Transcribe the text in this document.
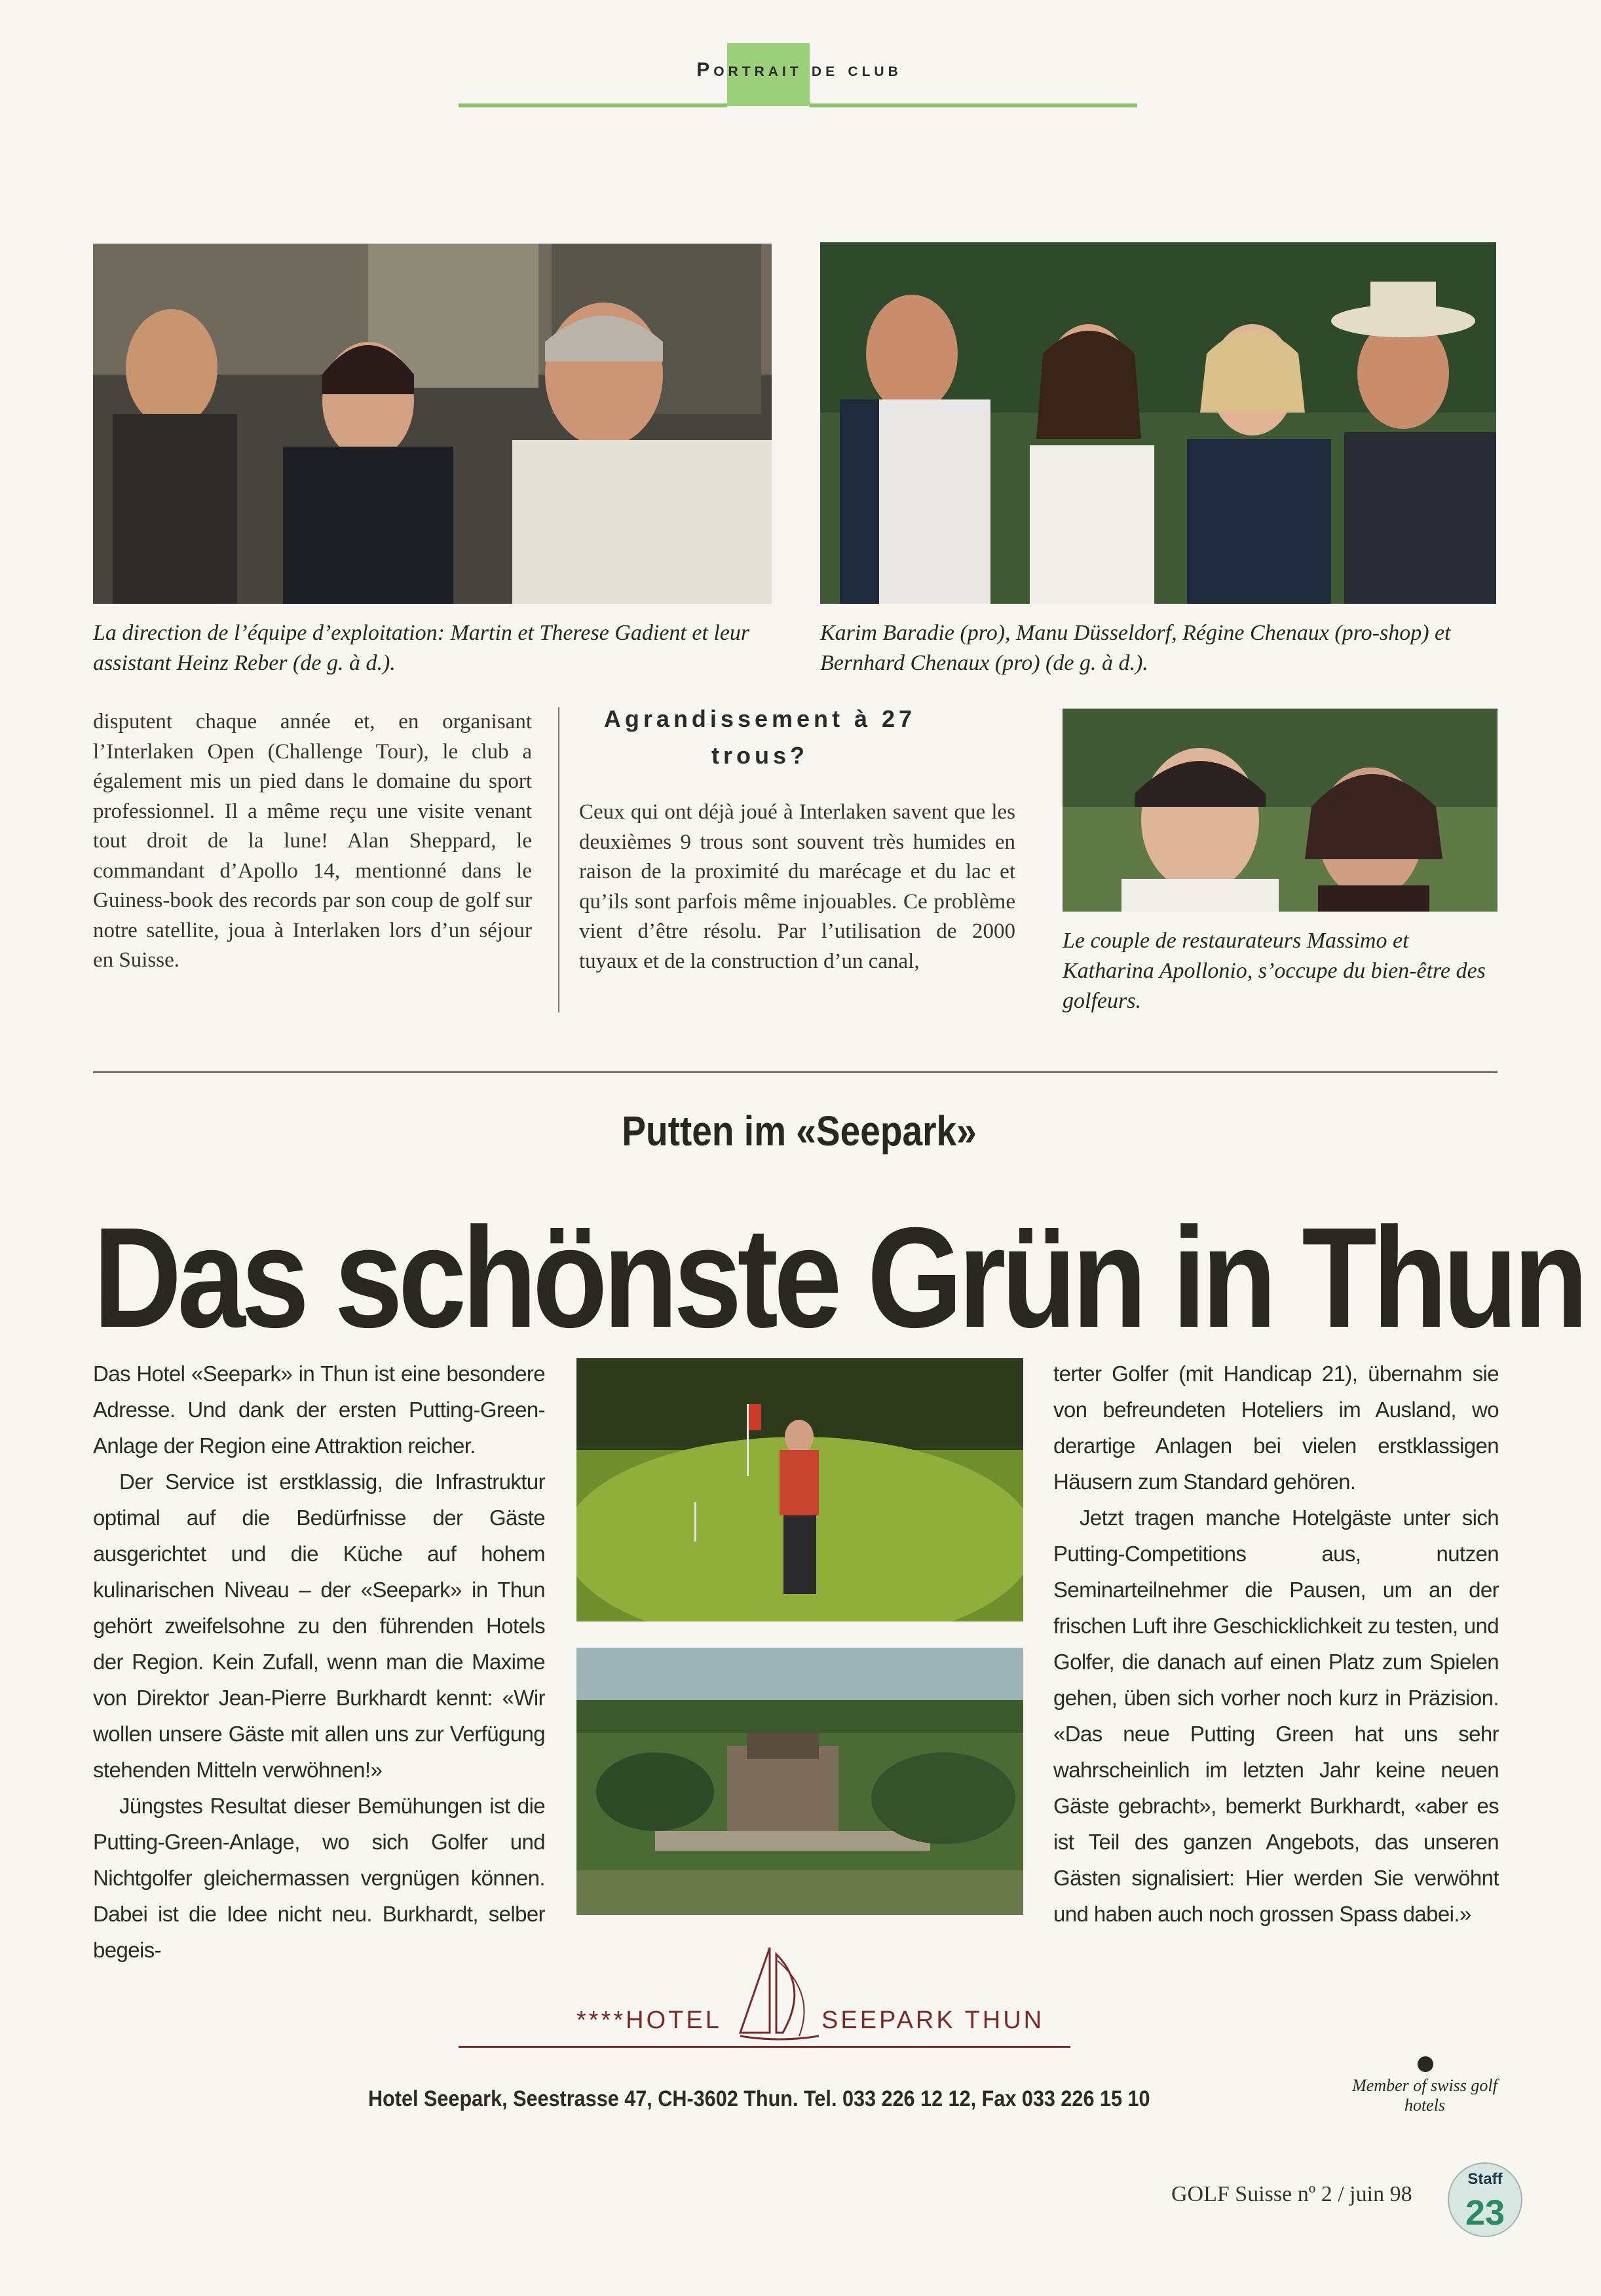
Portrait de club
La direction de l’équipe d’exploitation: Martin et Therese Gadient et leur assistant Heinz Reber (de g. à d.).
Karim Baradie (pro), Manu Düsseldorf, Régine Chenaux (pro-shop) et Bernhard Chenaux (pro) (de g. à d.).

disputent chaque année et, en organisant l’Interlaken Open (Challenge Tour), le club a également mis un pied dans le domaine du sport professionnel. Il a même reçu une visite venant tout droit de la lune! Alan Sheppard, le commandant d’Apollo 14, mentionné dans le Guiness-book des records par son coup de golf sur notre satellite, joua à Interlaken lors d’un séjour en Suisse.

Agrandissement à 27 trous?

Ceux qui ont déjà joué à Interlaken savent que les deuxièmes 9 trous sont souvent très humides en raison de la proximité du marécage et du lac et qu’ils sont parfois même injouables. Ce problème vient d’être résolu. Par l’utilisation de 2000 tuyaux et de la construction d’un canal,

Le couple de restaurateurs Massimo et Katharina Apollonio, s’occupe du bien-être des golfeurs.
Putten im «Seepark»
Das schönste Grün in Thun

Das Hotel «Seepark» in Thun ist eine besondere Adresse. Und dank der ersten Putting-Green-Anlage der Region eine Attraktion reicher.

Der Service ist erstklassig, die Infrastruktur optimal auf die Bedürfnisse der Gäste ausgerichtet und die Küche auf hohem kulinarischen Niveau – der «Seepark» in Thun gehört zweifelsohne zu den führenden Hotels der Region. Kein Zufall, wenn man die Maxime von Direktor Jean-Pierre Burkhardt kennt: «Wir wollen unsere Gäste mit allen uns zur Verfügung stehenden Mitteln verwöhnen!»

Jüngstes Resultat dieser Bemühungen ist die Putting-Green-Anlage, wo sich Golfer und Nichtgolfer gleichermassen vergnügen können. Dabei ist die Idee nicht neu. Burkhardt, selber begeis-

terter Golfer (mit Handicap 21), übernahm sie von befreundeten Hoteliers im Ausland, wo derartige Anlagen bei vielen erstklassigen Häusern zum Standard gehören.

Jetzt tragen manche Hotelgäste unter sich Putting-Competitions aus, nutzen Seminarteilnehmer die Pausen, um an der frischen Luft ihre Geschicklichkeit zu testen, und Golfer, die danach auf einen Platz zum Spielen gehen, üben sich vorher noch kurz in Präzision. «Das neue Putting Green hat uns sehr wahrscheinlich im letzten Jahr keine neuen Gäste gebracht», bemerkt Burkhardt, «aber es ist Teil des ganzen Angebots, das unseren Gästen signalisiert: Hier werden Sie verwöhnt und haben auch noch grossen Spass dabei.»

****HOTEL	SEEPARK THUN
Hotel Seepark, Seestrasse 47, CH-3602 Thun. Tel. 033 226 12 12, Fax 033 226 15 10
Member of swiss golf hotels
GOLF Suisse nº 2 / juin 98
Staff
23
